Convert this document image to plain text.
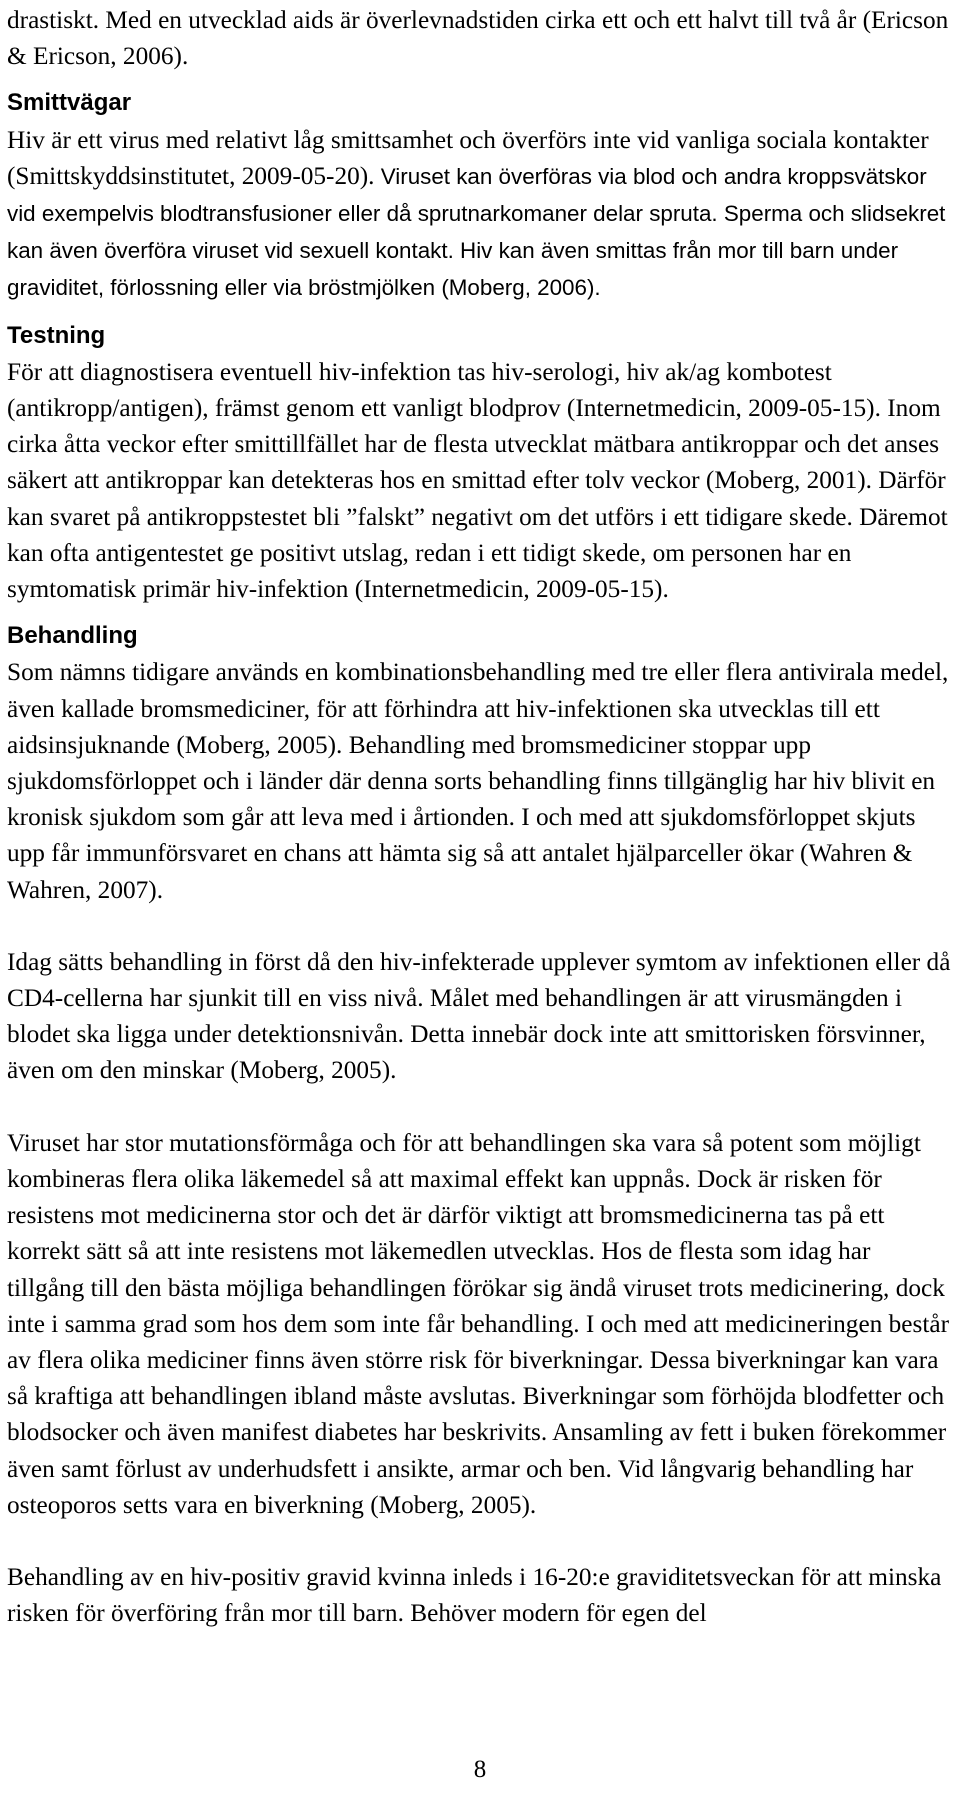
drastiskt. Med en utvecklad aids är överlevnadstiden cirka ett och ett halvt till två år (Ericson & Ericson, 2006).

Smittvägar

Hiv är ett virus med relativt låg smittsamhet och överförs inte vid vanliga sociala kontakter (Smittskyddsinstitutet, 2009-05-20). Viruset kan överföras via blod och andra kroppsvätskor vid exempelvis blodtransfusioner eller då sprutnarkomaner delar spruta. Sperma och slidsekret kan även överföra viruset vid sexuell kontakt. Hiv kan även smittas från mor till barn under graviditet, förlossning eller via bröstmjölken (Moberg, 2006).

Testning

För att diagnostisera eventuell hiv-infektion tas hiv-serologi, hiv ak/ag kombotest (antikropp/antigen), främst genom ett vanligt blodprov (Internetmedicin, 2009-05-15). Inom cirka åtta veckor efter smittillfället har de flesta utvecklat mätbara antikroppar och det anses säkert att antikroppar kan detekteras hos en smittad efter tolv veckor (Moberg, 2001). Därför kan svaret på antikroppstestet bli ”falskt” negativt om det utförs i ett tidigare skede. Däremot kan ofta antigentestet ge positivt utslag, redan i ett tidigt skede, om personen har en symtomatisk primär hiv-infektion (Internetmedicin, 2009-05-15).

Behandling

Som nämns tidigare används en kombinationsbehandling med tre eller flera antivirala medel, även kallade bromsmediciner, för att förhindra att hiv-infektionen ska utvecklas till ett aidsinsjuknande (Moberg, 2005). Behandling med bromsmediciner stoppar upp sjukdomsförloppet och i länder där denna sorts behandling finns tillgänglig har hiv blivit en kronisk sjukdom som går att leva med i årtionden. I och med att sjukdomsförloppet skjuts upp får immunförsvaret en chans att hämta sig så att antalet hjälparceller ökar (Wahren & Wahren, 2007).

Idag sätts behandling in först då den hiv-infekterade upplever symtom av infektionen eller då CD4-cellerna har sjunkit till en viss nivå. Målet med behandlingen är att virusmängden i blodet ska ligga under detektionsnivån. Detta innebär dock inte att smittorisken försvinner, även om den minskar (Moberg, 2005).

Viruset har stor mutationsförmåga och för att behandlingen ska vara så potent som möjligt kombineras flera olika läkemedel så att maximal effekt kan uppnås. Dock är risken för resistens mot medicinerna stor och det är därför viktigt att bromsmedicinerna tas på ett korrekt sätt så att inte resistens mot läkemedlen utvecklas. Hos de flesta som idag har tillgång till den bästa möjliga behandlingen förökar sig ändå viruset trots medicinering, dock inte i samma grad som hos dem som inte får behandling. I och med att medicineringen består av flera olika mediciner finns även större risk för biverkningar. Dessa biverkningar kan vara så kraftiga att behandlingen ibland måste avslutas. Biverkningar som förhöjda blodfetter och blodsocker och även manifest diabetes har beskrivits. Ansamling av fett i buken förekommer även samt förlust av underhudsfett i ansikte, armar och ben. Vid långvarig behandling har osteoporos setts vara en biverkning (Moberg, 2005).

Behandling av en hiv-positiv gravid kvinna inleds i 16-20:e graviditetsveckan för att minska risken för överföring från mor till barn. Behöver modern för egen del

8
